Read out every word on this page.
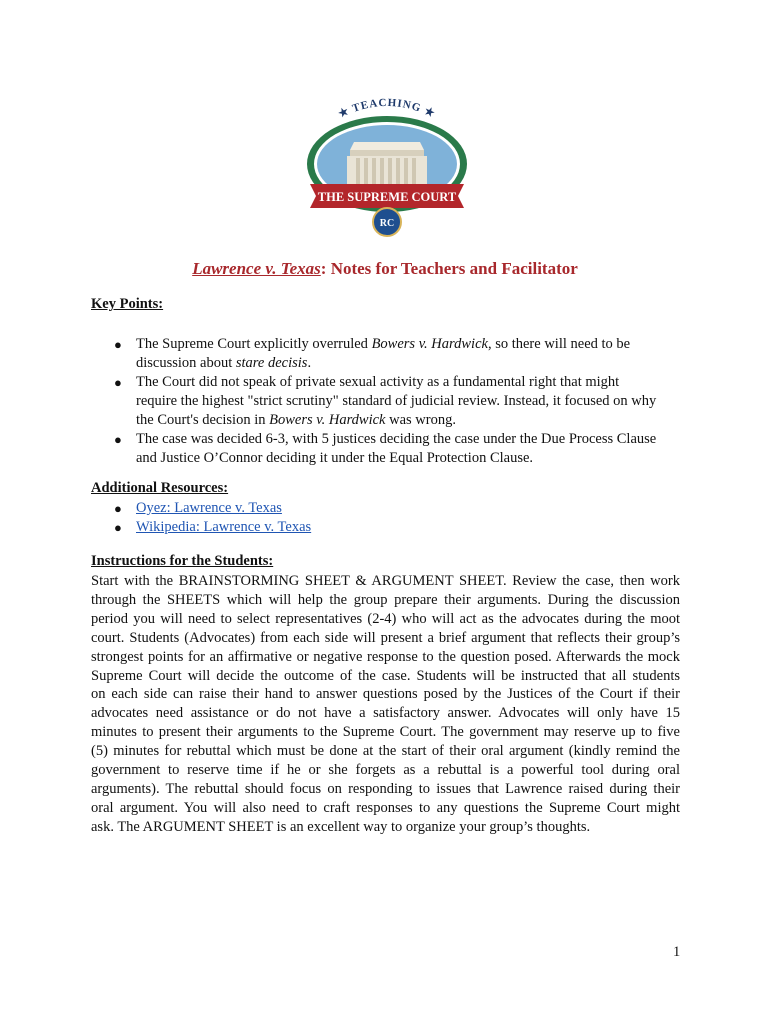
★ TEACHING ★
THE SUPREME COURT
RC
Lawrence v. Texas: Notes for Teachers and Facilitator
Key Points:
● The Supreme Court explicitly overruled Bowers v. Hardwick, so there will need to be
discussion about stare decisis.
● The Court did not speak of private sexual activity as a fundamental right that might
require the highest "strict scrutiny" standard of judicial review. Instead, it focused on why
the Court's decision in Bowers v. Hardwick was wrong.
● The case was decided 6-3, with 5 justices deciding the case under the Due Process Clause
and Justice O’Connor deciding it under the Equal Protection Clause.
Additional Resources:
● Oyez: Lawrence v. Texas
● Wikipedia: Lawrence v. Texas
Instructions for the Students:
Start with the BRAINSTORMING SHEET & ARGUMENT SHEET. Review the case, then work
through the SHEETS which will help the group prepare their arguments. During the discussion
period you will need to select representatives (2-4) who will act as the advocates during the moot
court. Students (Advocates) from each side will present a brief argument that reflects their group’s
strongest points for an affirmative or negative response to the question posed. Afterwards the mock
Supreme Court will decide the outcome of the case. Students will be instructed that all students
on each side can raise their hand to answer questions posed by the Justices of the Court if their
advocates need assistance or do not have a satisfactory answer. Advocates will only have 15
minutes to present their arguments to the Supreme Court. The government may reserve up to five
(5) minutes for rebuttal which must be done at the start of their oral argument (kindly remind the
government to reserve time if he or she forgets as a rebuttal is a powerful tool during oral
arguments). The rebuttal should focus on responding to issues that Lawrence raised during their
oral argument. You will also need to craft responses to any questions the Supreme Court might
ask. The ARGUMENT SHEET is an excellent way to organize your group’s thoughts.
1
